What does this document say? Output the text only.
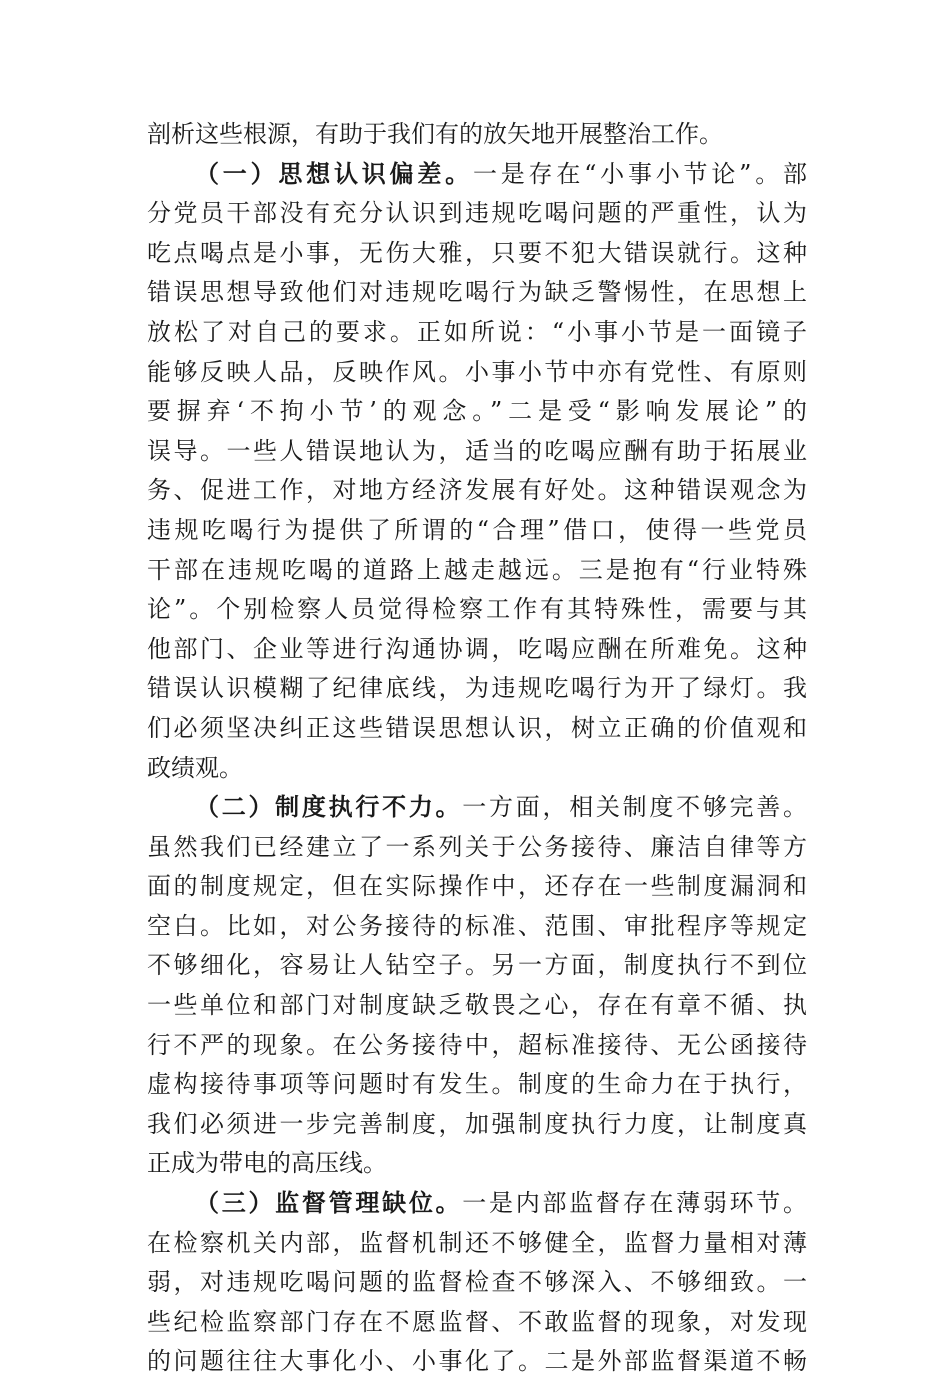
剖析这些根源，有助于我们有的放矢地开展整治工作。
（一）思想认识偏差。一是存在“小事小节论”。部
分党员干部没有充分认识到违规吃喝问题的严重性，认为
吃点喝点是小事，无伤大雅，只要不犯大错误就行。这种
错误思想导致他们对违规吃喝行为缺乏警惕性，在思想上
放松了对自己的要求。正如所说：“小事小节是一面镜子
能够反映人品，反映作风。小事小节中亦有党性、有原则
要摒弃‘不拘小节’的观念。”二是受“影响发展论”的
误导。一些人错误地认为，适当的吃喝应酬有助于拓展业
务、促进工作，对地方经济发展有好处。这种错误观念为
违规吃喝行为提供了所谓的“合理”借口，使得一些党员
干部在违规吃喝的道路上越走越远。三是抱有“行业特殊
论”。个别检察人员觉得检察工作有其特殊性，需要与其
他部门、企业等进行沟通协调，吃喝应酬在所难免。这种
错误认识模糊了纪律底线，为违规吃喝行为开了绿灯。我
们必须坚决纠正这些错误思想认识，树立正确的价值观和
政绩观。
（二）制度执行不力。一方面，相关制度不够完善。
虽然我们已经建立了一系列关于公务接待、廉洁自律等方
面的制度规定，但在实际操作中，还存在一些制度漏洞和
空白。比如，对公务接待的标准、范围、审批程序等规定
不够细化，容易让人钻空子。另一方面，制度执行不到位
一些单位和部门对制度缺乏敬畏之心，存在有章不循、执
行不严的现象。在公务接待中，超标准接待、无公函接待
虚构接待事项等问题时有发生。制度的生命力在于执行，
我们必须进一步完善制度，加强制度执行力度，让制度真
正成为带电的高压线。
（三）监督管理缺位。一是内部监督存在薄弱环节。
在检察机关内部，监督机制还不够健全，监督力量相对薄
弱，对违规吃喝问题的监督检查不够深入、不够细致。一
些纪检监察部门存在不愿监督、不敢监督的现象，对发现
的问题往往大事化小、小事化了。二是外部监督渠道不畅
